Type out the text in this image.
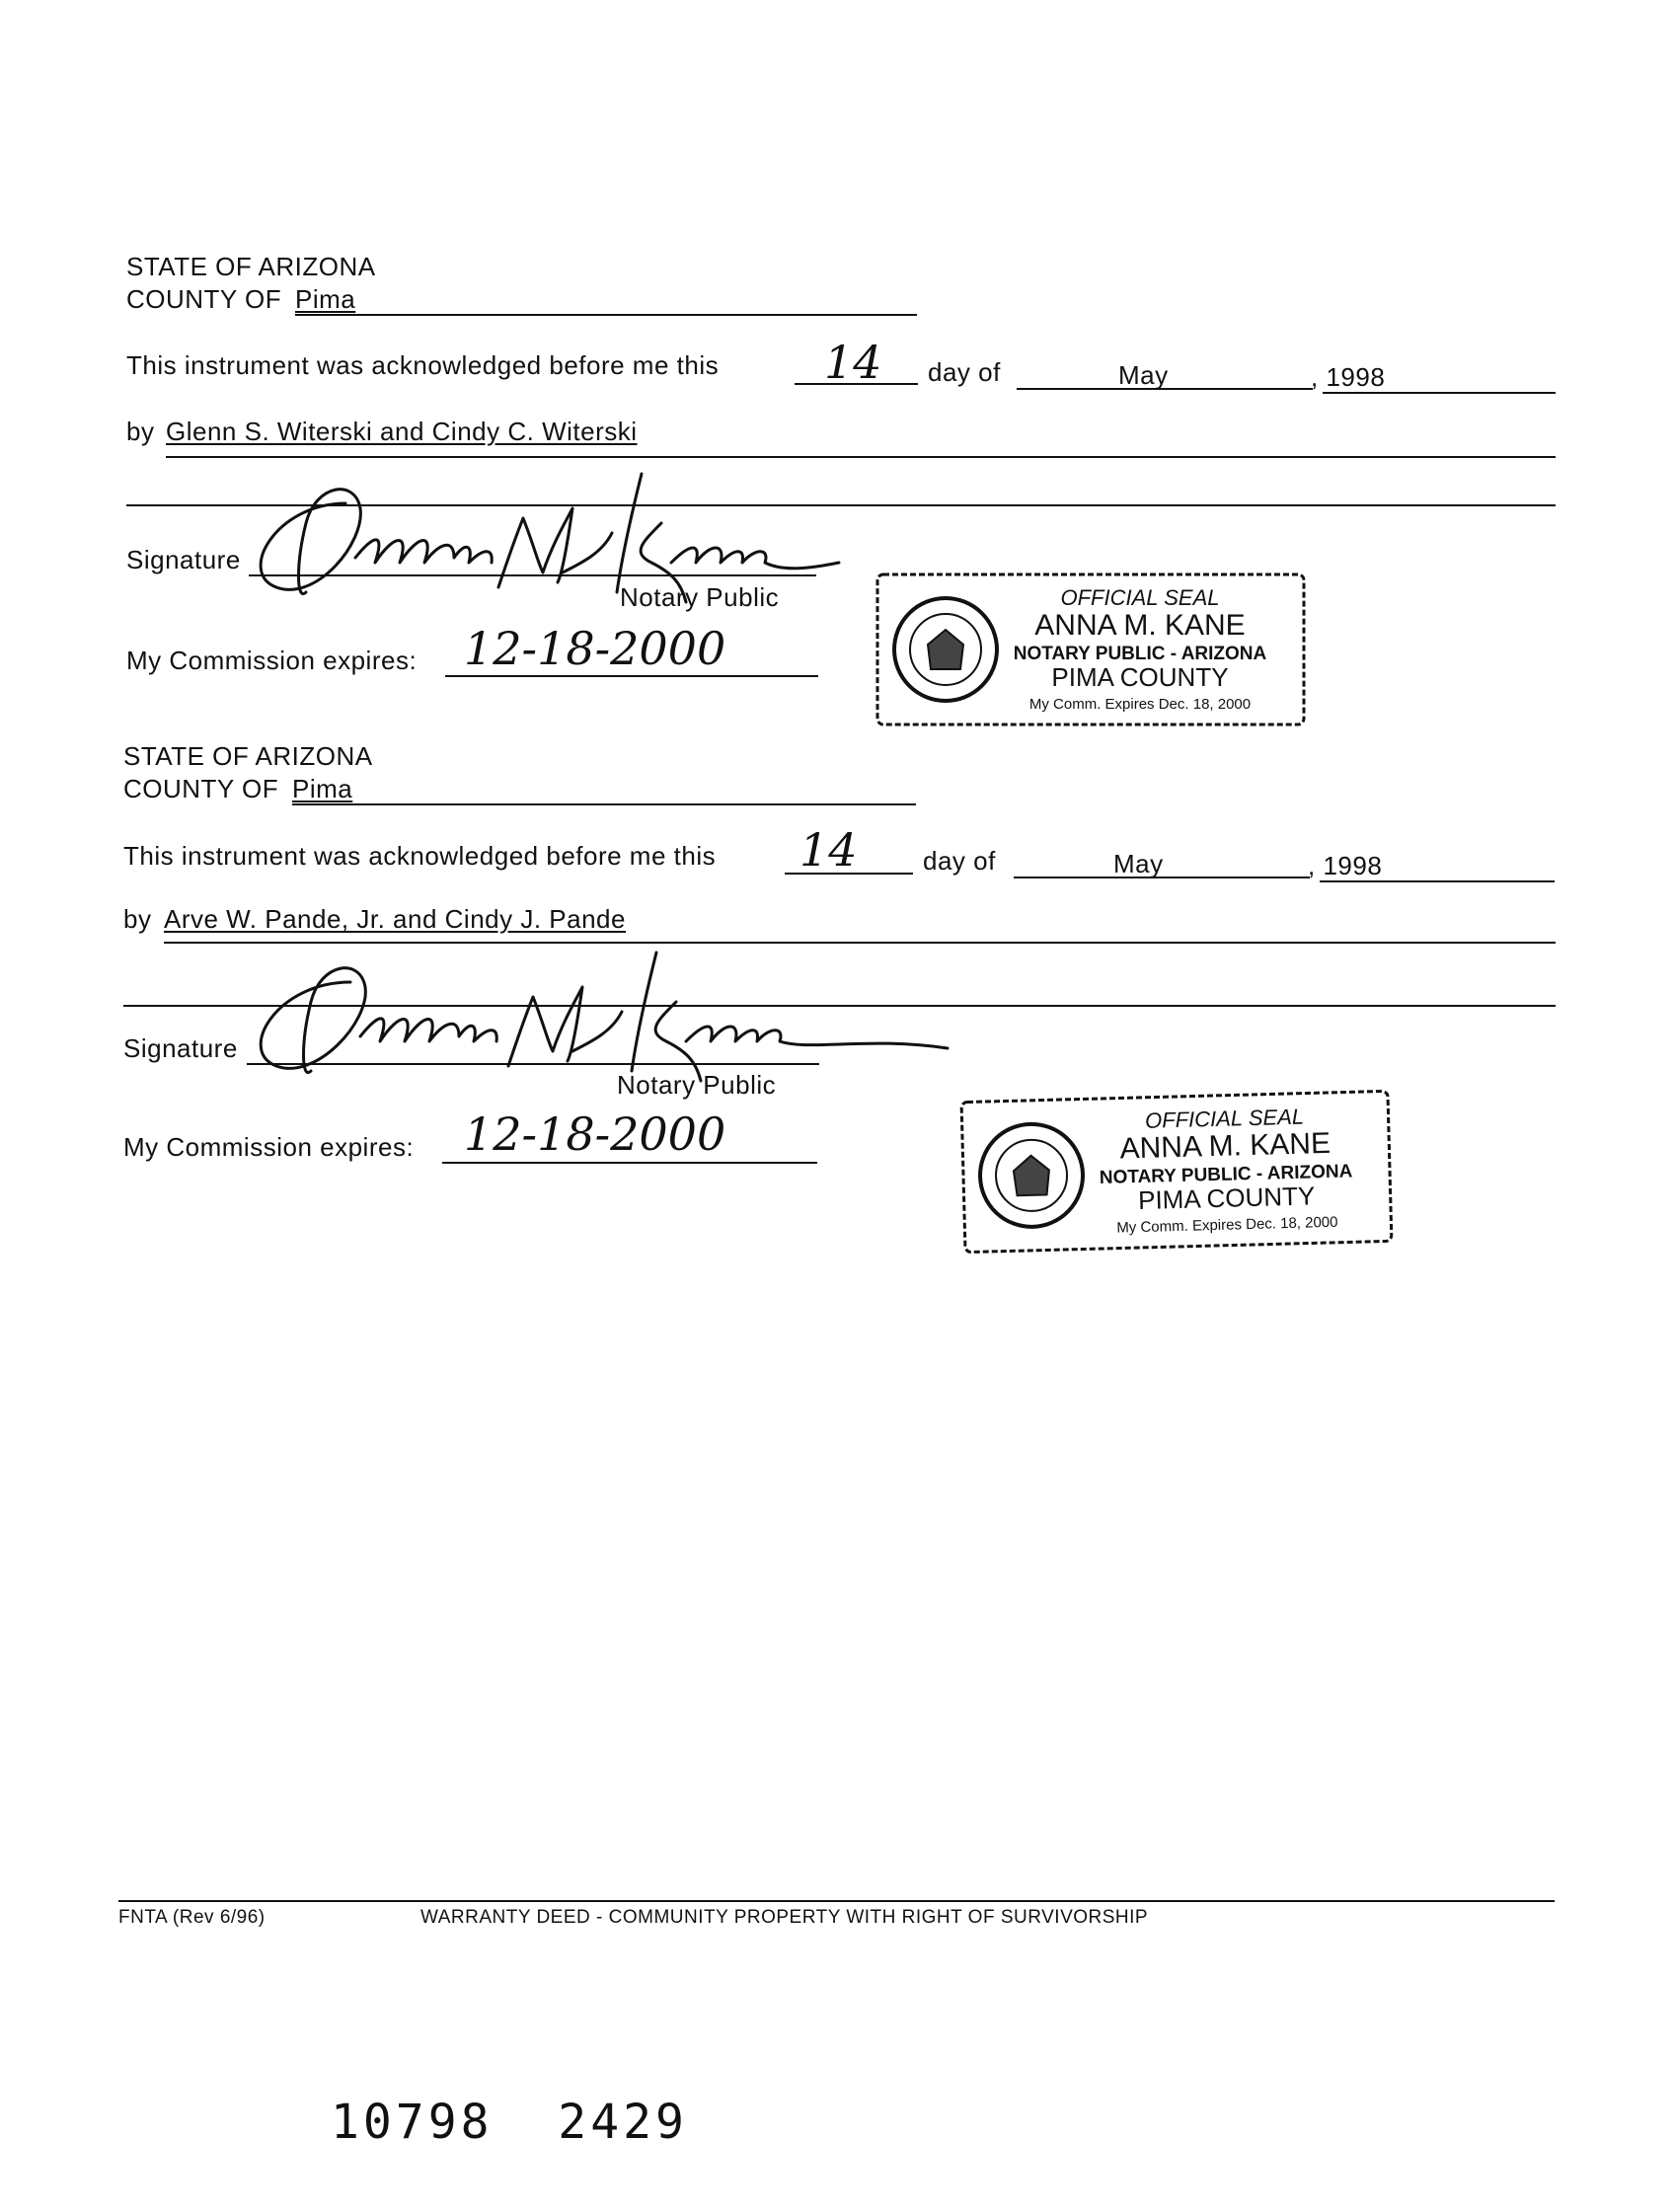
STATE OF ARIZONA
COUNTY OF Pima
This instrument was acknowledged before me this 14 day of	May	, 1998
by Glenn S. Witerski and Cindy C. Witerski
Signature
Notary Public
My Commission expires: 12-18-2000
OFFICIAL SEAL
ANNA M. KANE
NOTARY PUBLIC - ARIZONA
PIMA COUNTY
My Comm. Expires Dec. 18, 2000
STATE OF ARIZONA
COUNTY OF Pima
This instrument was acknowledged before me this 14	day of	May	, 1998
by Arve W. Pande, Jr. and Cindy J. Pande
Signature
Notary Public
My Commission expires: 12-18-2000	OFFICIAL SEAL
ANNA M. KANE
NOTARY PUBLIC - ARIZONA
PIMA COUNTY
My Comm. Expires Dec. 18, 2000
FNTA (Rev 6/96)	WARRANTY DEED - COMMUNITY PROPERTY WITH RIGHT OF SURVIVORSHIP
10798  2429
